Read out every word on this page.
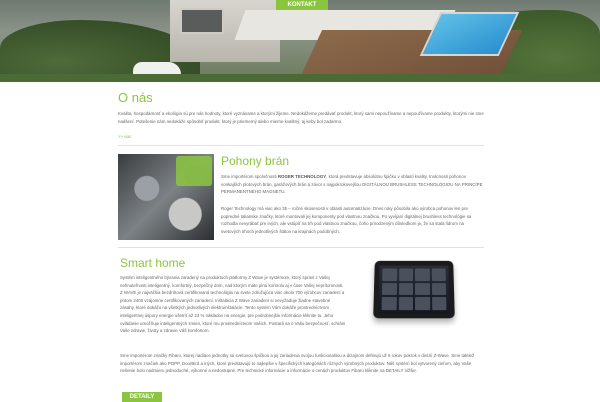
KONTAKT
O nás
Kvalita, hospodárnosť a ekológia sú pre nás hodnoty, ktoré vyznávame a ktorými žijeme. Nedokážeme predávať produkt, ktorý sami nepoužívame a nepoužívame produkty, ktorými nie sme nadšení. Potešenie nám nedokáže spôsobiť produkt, ktorý je priemerný alebo mierne kvalitný, aj keby bol zadarmo.
>> viac
Pohony brán
Sme importérom spoločnosti ROGER TECHNOLOGY, ktorá predstavuje absolútnu špičku v oblasti kvality, trvácnosti pohonov vonkajších plotových brán, garážových brán a závor s najpokrokovejšou DIGITÁLNOU BRUSHLESS TECHNOLÓGIOU NA PRINCÍPE PERMANENTNÉHO MAGNETU.
Roger Technology má viac ako 35 – ročné skúsenosti v oblasti automatizácie. Dnes roky pôsobila ako výrobca pohonov len pre popredné talianske značky, ktoré montovali jej komponenty pod vlastnou značkou. Po vyvíjaní digitálnej brushless technológie sa rozhodla nevyrábať pre iných, ale vstúpiť na trh pod vlastnou značkou, čoho prirodzeným dôsledkom je, že sa stala lídrom na svetových trhoch jednotlivých štátov na krajinách podobných.
Smart home
Systém inteligentného bývania zaradený na produktoch platformy Z Wave je systémom, ktorý spraví z Vašej nehnuteľnosti inteligentný, komfortný, bezpečný dom, nad ktorým máte plnú kontrolu aj v čase Vašej neprítomnosti. Z WAVE je najväčšia bezdrôtová certifikovaná technológia na svete združujúca viac okolo 700 výrobcov zariadení a pritom 2400 vzájomne certifikovaných zariadení. Inštalácia Z Wave zariadení si nevyžaduje žiadne stavebné zásahy, ktoré dokážu na všetkých jednotlivých elektroinštalácie. Tento systém Vám dokáže prostredníctvom inteligentnej úspory energie ušetriť až 23 % nákladov na energie, pre podrobnejšie informácie kliknite tu. Jeho ovládanie umožňuje inteligentných zmien, ktoré mu prostredníctvom Vašich. Postará sa o Vašu bezpečnosť, ochráni Vaše zdravie, životy a zdravie Váš komfortom.
Sme importérom značky Fibaro, ktorej riadiace jednotky sú svetovou špičkou a jej zariadenia svojou funkcionalitou a dizajnom definujú už 6 rokov pokrok v divízii Z-Wave. Sme taktiež importérom značiek ako POPP, DoorBird a iných, ktoré predstavujú to najlepšie v špecifických kategóriách rôznych výrobných produktov. Náš systém bol vytvorený cieľom, aby Vaše riešenie bolo nadmieru jednoduché, výkonné a nedostupné. Pre technické informácie a informácie o cenách produktov Fibaro kliknite na DETAILY nižšie.
DETAILY
